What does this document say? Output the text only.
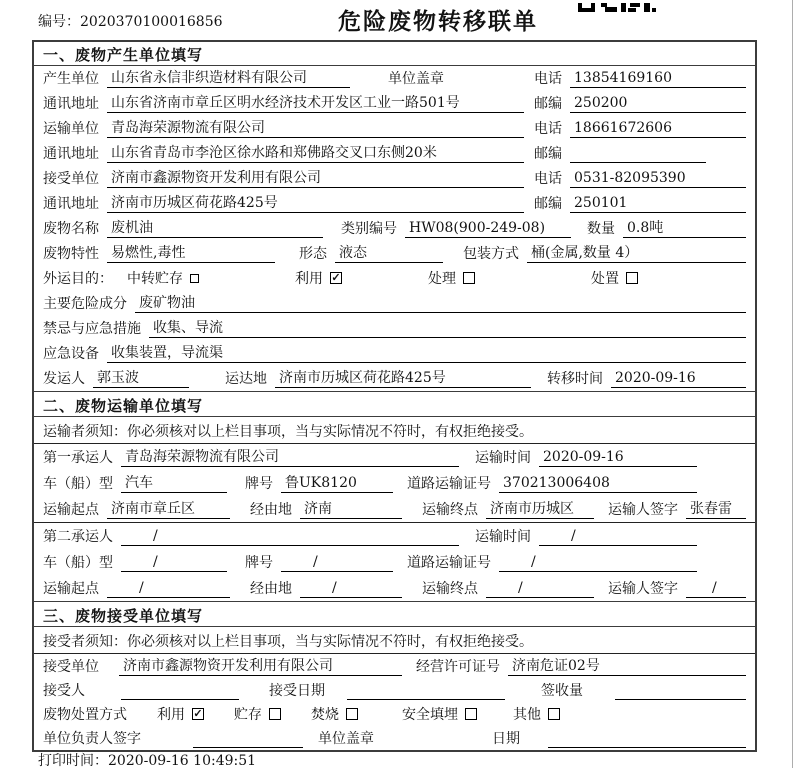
编号：2020370100016856	危险废物转移联单
一、废物产生单位填写
产生单位 山东省永信非织造材料有限公司	单位盖章	电话 13854169160
通讯地址 山东省济南市章丘区明水经济技术开发区工业一路501号	邮编 250200
运输单位 青岛海荣源物流有限公司	电话 18661672606
通讯地址 山东省青岛市李沧区徐水路和郑佛路交叉口东侧20米	邮编
接受单位 济南市鑫源物资开发利用有限公司	电话 0531-82095390
通讯地址 济南市历城区荷花路425号	邮编 250101
废物名称 废机油	类别编号 HW08(900-249-08)	数量 0.8吨
废物特性 易燃性,毒性	形态 液态	包装方式 桶(金属,数量 4）
外运目的： 中转贮存	利用 ✓	处理	处置
主要危险成分 废矿物油
禁忌与应急措施 收集、导流
应急设备 收集装置，导流渠
发运人 郭玉波	运达地 济南市历城区荷花路425号	转移时间 2020-09-16
二、废物运输单位填写
运输者须知：你必须核对以上栏目事项，当与实际情况不符时，有权拒绝接受。
第一承运人 青岛海荣源物流有限公司	运输时间 2020-09-16
车（船）型 汽车	牌号 鲁UK8120	道路运输证号 370213006408
运输起点 济南市章丘区	经由地 济南	运输终点 济南市历城区	运输人签字 张春雷
第二承运人	/	运输时间	/
车（船）型	/	牌号	/	道路运输证号	/
运输起点	/	经由地	/	运输终点	/	运输人签字	/
三、废物接受单位填写
接受者须知：你必须核对以上栏目事项，当与实际情况不符时，有权拒绝接受。
接受单位 济南市鑫源物资开发利用有限公司	经营许可证号 济南危证02号
接受人	接受日期	签收量
废物处置方式 利用 ✓ 贮存	焚烧	安全填埋	其他
单位负责人签字	单位盖章	日期
打印时间：2020-09-16 10:49:51
